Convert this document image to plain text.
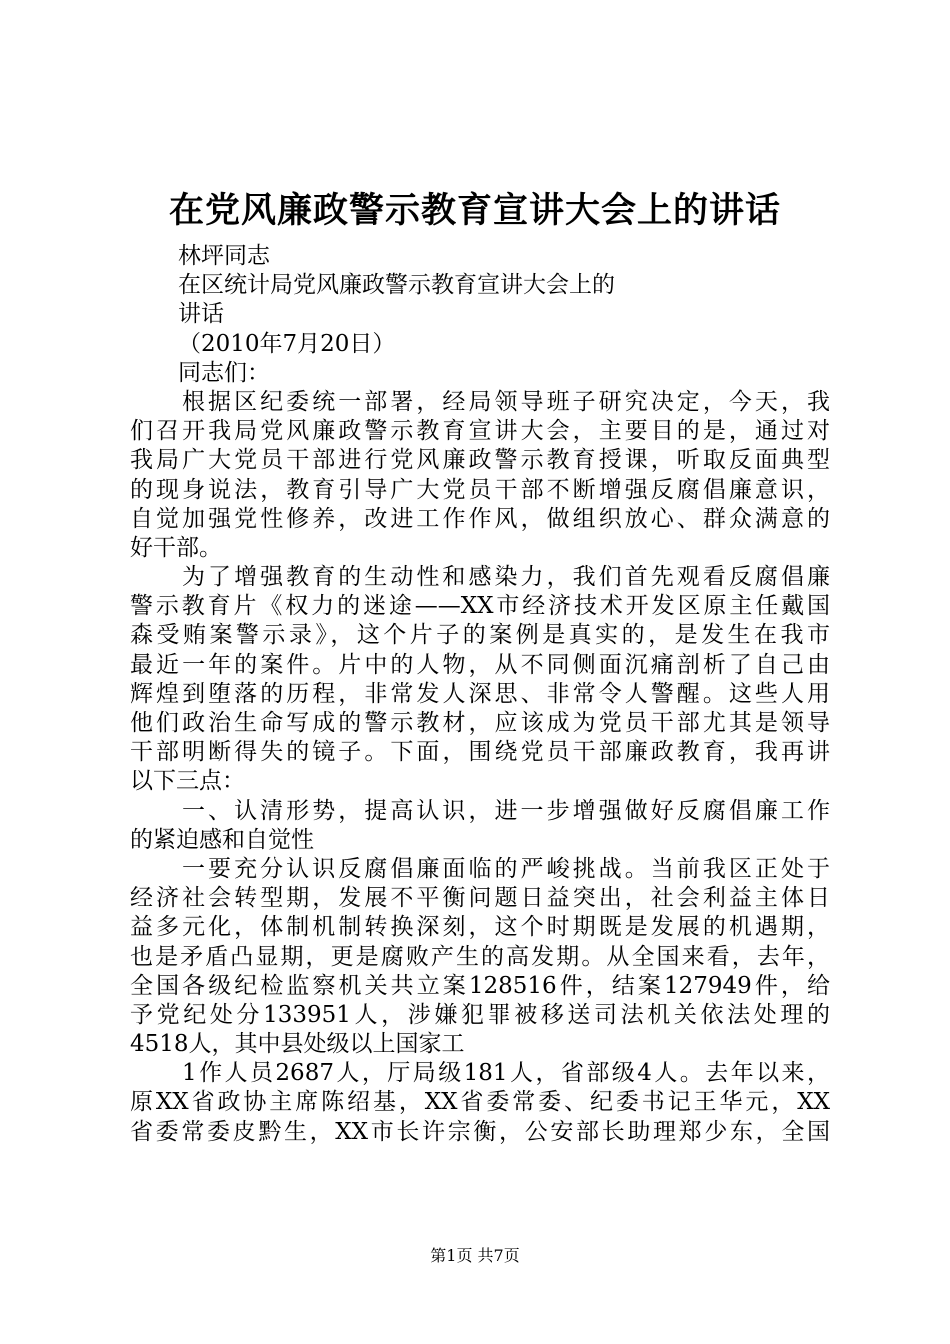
在党风廉政警示教育宣讲大会上的讲话
林坪同志
在区统计局党风廉政警示教育宣讲大会上的
讲话
（2010年7月20日）
同志们：
根据区纪委统一部署，经局领导班子研究决定，今天，我
们召开我局党风廉政警示教育宣讲大会，主要目的是，通过对
我局广大党员干部进行党风廉政警示教育授课，听取反面典型
的现身说法，教育引导广大党员干部不断增强反腐倡廉意识，
自觉加强党性修养，改进工作作风，做组织放心、群众满意的
好干部。
为了增强教育的生动性和感染力，我们首先观看反腐倡廉
警示教育片《权力的迷途——XX市经济技术开发区原主任戴国
森受贿案警示录》，这个片子的案例是真实的，是发生在我市
最近一年的案件。片中的人物，从不同侧面沉痛剖析了自己由
辉煌到堕落的历程，非常发人深思、非常令人警醒。这些人用
他们政治生命写成的警示教材，应该成为党员干部尤其是领导
干部明断得失的镜子。下面，围绕党员干部廉政教育，我再讲
以下三点：
一、认清形势，提高认识，进一步增强做好反腐倡廉工作
的紧迫感和自觉性
一要充分认识反腐倡廉面临的严峻挑战。当前我区正处于
经济社会转型期，发展不平衡问题日益突出，社会利益主体日
益多元化，体制机制转换深刻，这个时期既是发展的机遇期，
也是矛盾凸显期，更是腐败产生的高发期。从全国来看，去年，
全国各级纪检监察机关共立案128516件，结案127949件，给
予党纪处分133951人，涉嫌犯罪被移送司法机关依法处理的
4518人，其中县处级以上国家工
1作人员2687人，厅局级181人，省部级4人。去年以来，
原XX省政协主席陈绍基，XX省委常委、纪委书记王华元，XX
省委常委皮黔生，XX市长许宗衡，公安部长助理郑少东，全国
第1页 共7页
